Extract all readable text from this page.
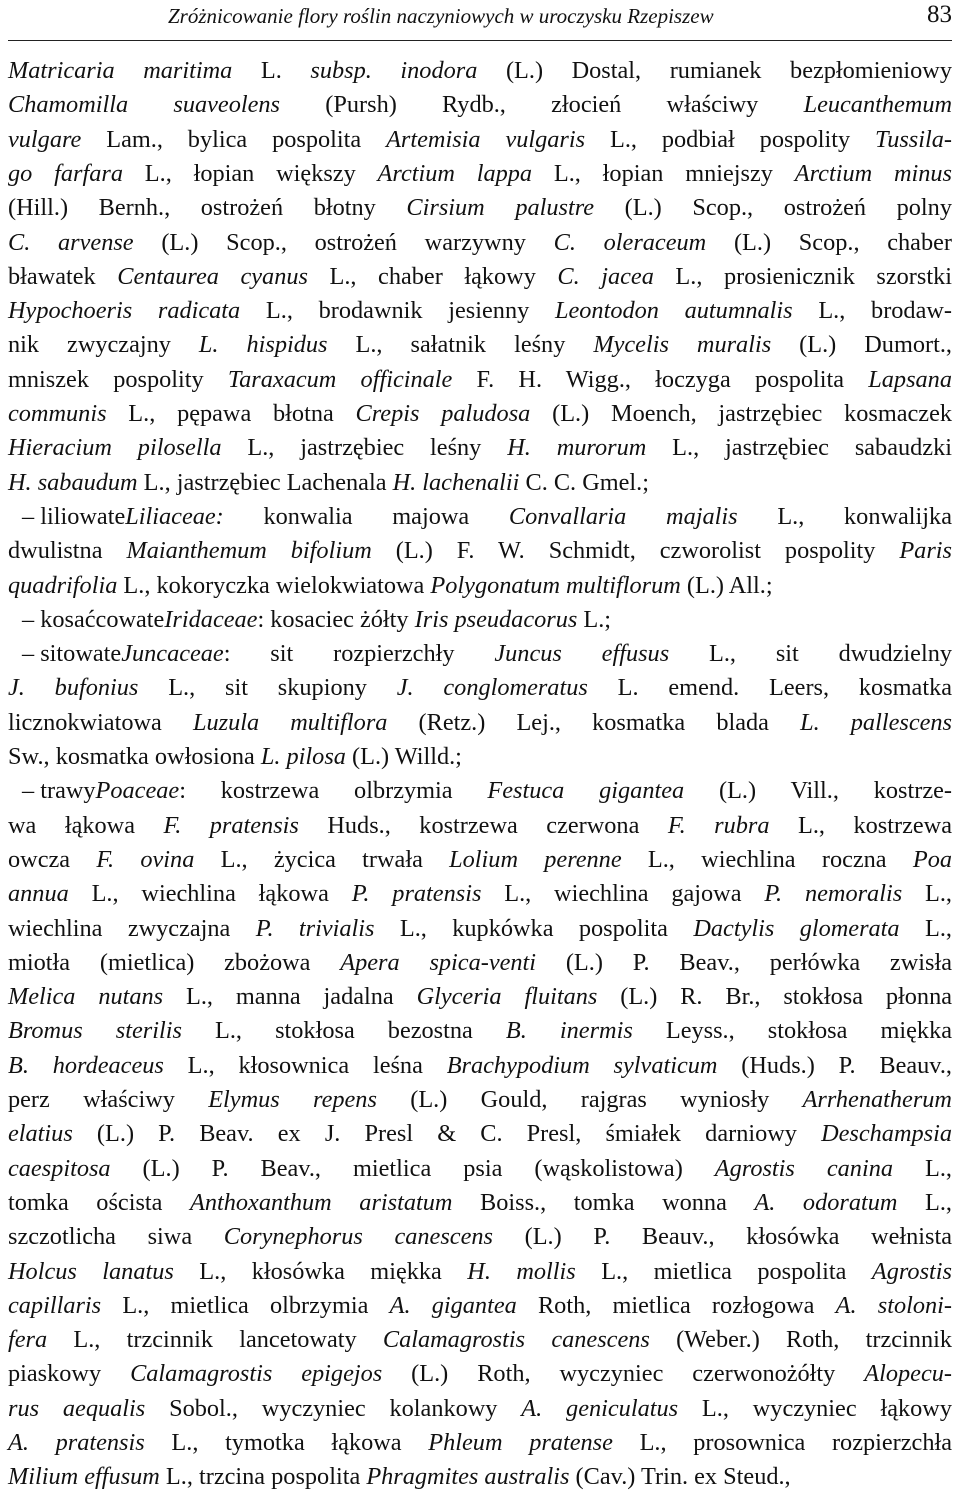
Zróżnicowanie flory roślin naczyniowych w uroczysku Rzepiszew	83
Matricaria maritima L. subsp. inodora (L.) Dostal, rumianek bezpłomieniowy
Chamomilla suaveolens (Pursh) Rydb., złocień właściwy Leucanthemum
vulgare Lam., bylica pospolita Artemisia vulgaris L., podbiał pospolity Tussila-
go farfara L., łopian większy Arctium lappa L., łopian mniejszy Arctium minus
(Hill.) Bernh., ostrożeń błotny Cirsium palustre (L.) Scop., ostrożeń polny
C. arvense (L.) Scop., ostrożeń warzywny C. oleraceum (L.) Scop., chaber
bławatek Centaurea cyanus L., chaber łąkowy C. jacea L., prosienicznik szorstki
Hypochoeris radicata L., brodawnik jesienny Leontodon autumnalis L., brodaw-
nik zwyczajny L. hispidus L., sałatnik leśny Mycelis muralis (L.) Dumort.,
mniszek pospolity Taraxacum officinale F. H. Wigg., łoczyga pospolita Lapsana
communis L., pępawa błotna Crepis paludosa (L.) Moench, jastrzębiec kosmaczek
Hieracium pilosella L., jastrzębiec leśny H. murorum L., jastrzębiec sabaudzki
H. sabaudum L., jastrzębiec Lachenala H. lachenalii C. C. Gmel.;
– liliowateLiliaceae: konwalia majowa Convallaria majalis L., konwalijka
dwulistna Maianthemum bifolium (L.) F. W. Schmidt, czworolist pospolity Paris
quadrifolia L., kokoryczka wielokwiatowa Polygonatum multiflorum (L.) All.;
– kosaćcowateIridaceae: kosaciec żółty Iris pseudacorus L.;
– sitowateJuncaceae: sit rozpierzchły Juncus effusus L., sit dwudzielny
J. bufonius L., sit skupiony J. conglomeratus L. emend. Leers, kosmatka
licznokwiatowa Luzula multiflora (Retz.) Lej., kosmatka blada L. pallescens
Sw., kosmatka owłosiona L. pilosa (L.) Willd.;
– trawyPoaceae: kostrzewa olbrzymia Festuca gigantea (L.) Vill., kostrze-
wa łąkowa F. pratensis Huds., kostrzewa czerwona F. rubra L., kostrzewa
owcza F. ovina L., życica trwała Lolium perenne L., wiechlina roczna Poa
annua L., wiechlina łąkowa P. pratensis L., wiechlina gajowa P. nemoralis L.,
wiechlina zwyczajna P. trivialis L., kupkówka pospolita Dactylis glomerata L.,
miotła (mietlica) zbożowa Apera spica-venti (L.) P. Beav., perłówka zwisła
Melica nutans L., manna jadalna Glyceria fluitans (L.) R. Br., stokłosa płonna
Bromus sterilis L., stokłosa bezostna B. inermis Leyss., stokłosa miękka
B. hordeaceus L., kłosownica leśna Brachypodium sylvaticum (Huds.) P. Beauv.,
perz właściwy Elymus repens (L.) Gould, rajgras wyniosły Arrhenatherum
elatius (L.) P. Beav. ex J. Presl & C. Presl, śmiałek darniowy Deschampsia
caespitosa (L.) P. Beav., mietlica psia (wąskolistowa) Agrostis canina L.,
tomka oścista Anthoxanthum aristatum Boiss., tomka wonna A. odoratum L.,
szczotlicha siwa Corynephorus canescens (L.) P. Beauv., kłosówka wełnista
Holcus lanatus L., kłosówka miękka H. mollis L., mietlica pospolita Agrostis
capillaris L., mietlica olbrzymia A. gigantea Roth, mietlica rozłogowa A. stoloni-
fera L., trzcinnik lancetowaty Calamagrostis canescens (Weber.) Roth, trzcinnik
piaskowy Calamagrostis epigejos (L.) Roth, wyczyniec czerwonożółty Alopecu-
rus aequalis Sobol., wyczyniec kolankowy A. geniculatus L., wyczyniec łąkowy
A. pratensis L., tymotka łąkowa Phleum pratense L., prosownica rozpierzchła
Milium effusum L., trzcina pospolita Phragmites australis (Cav.) Trin. ex Steud.,
